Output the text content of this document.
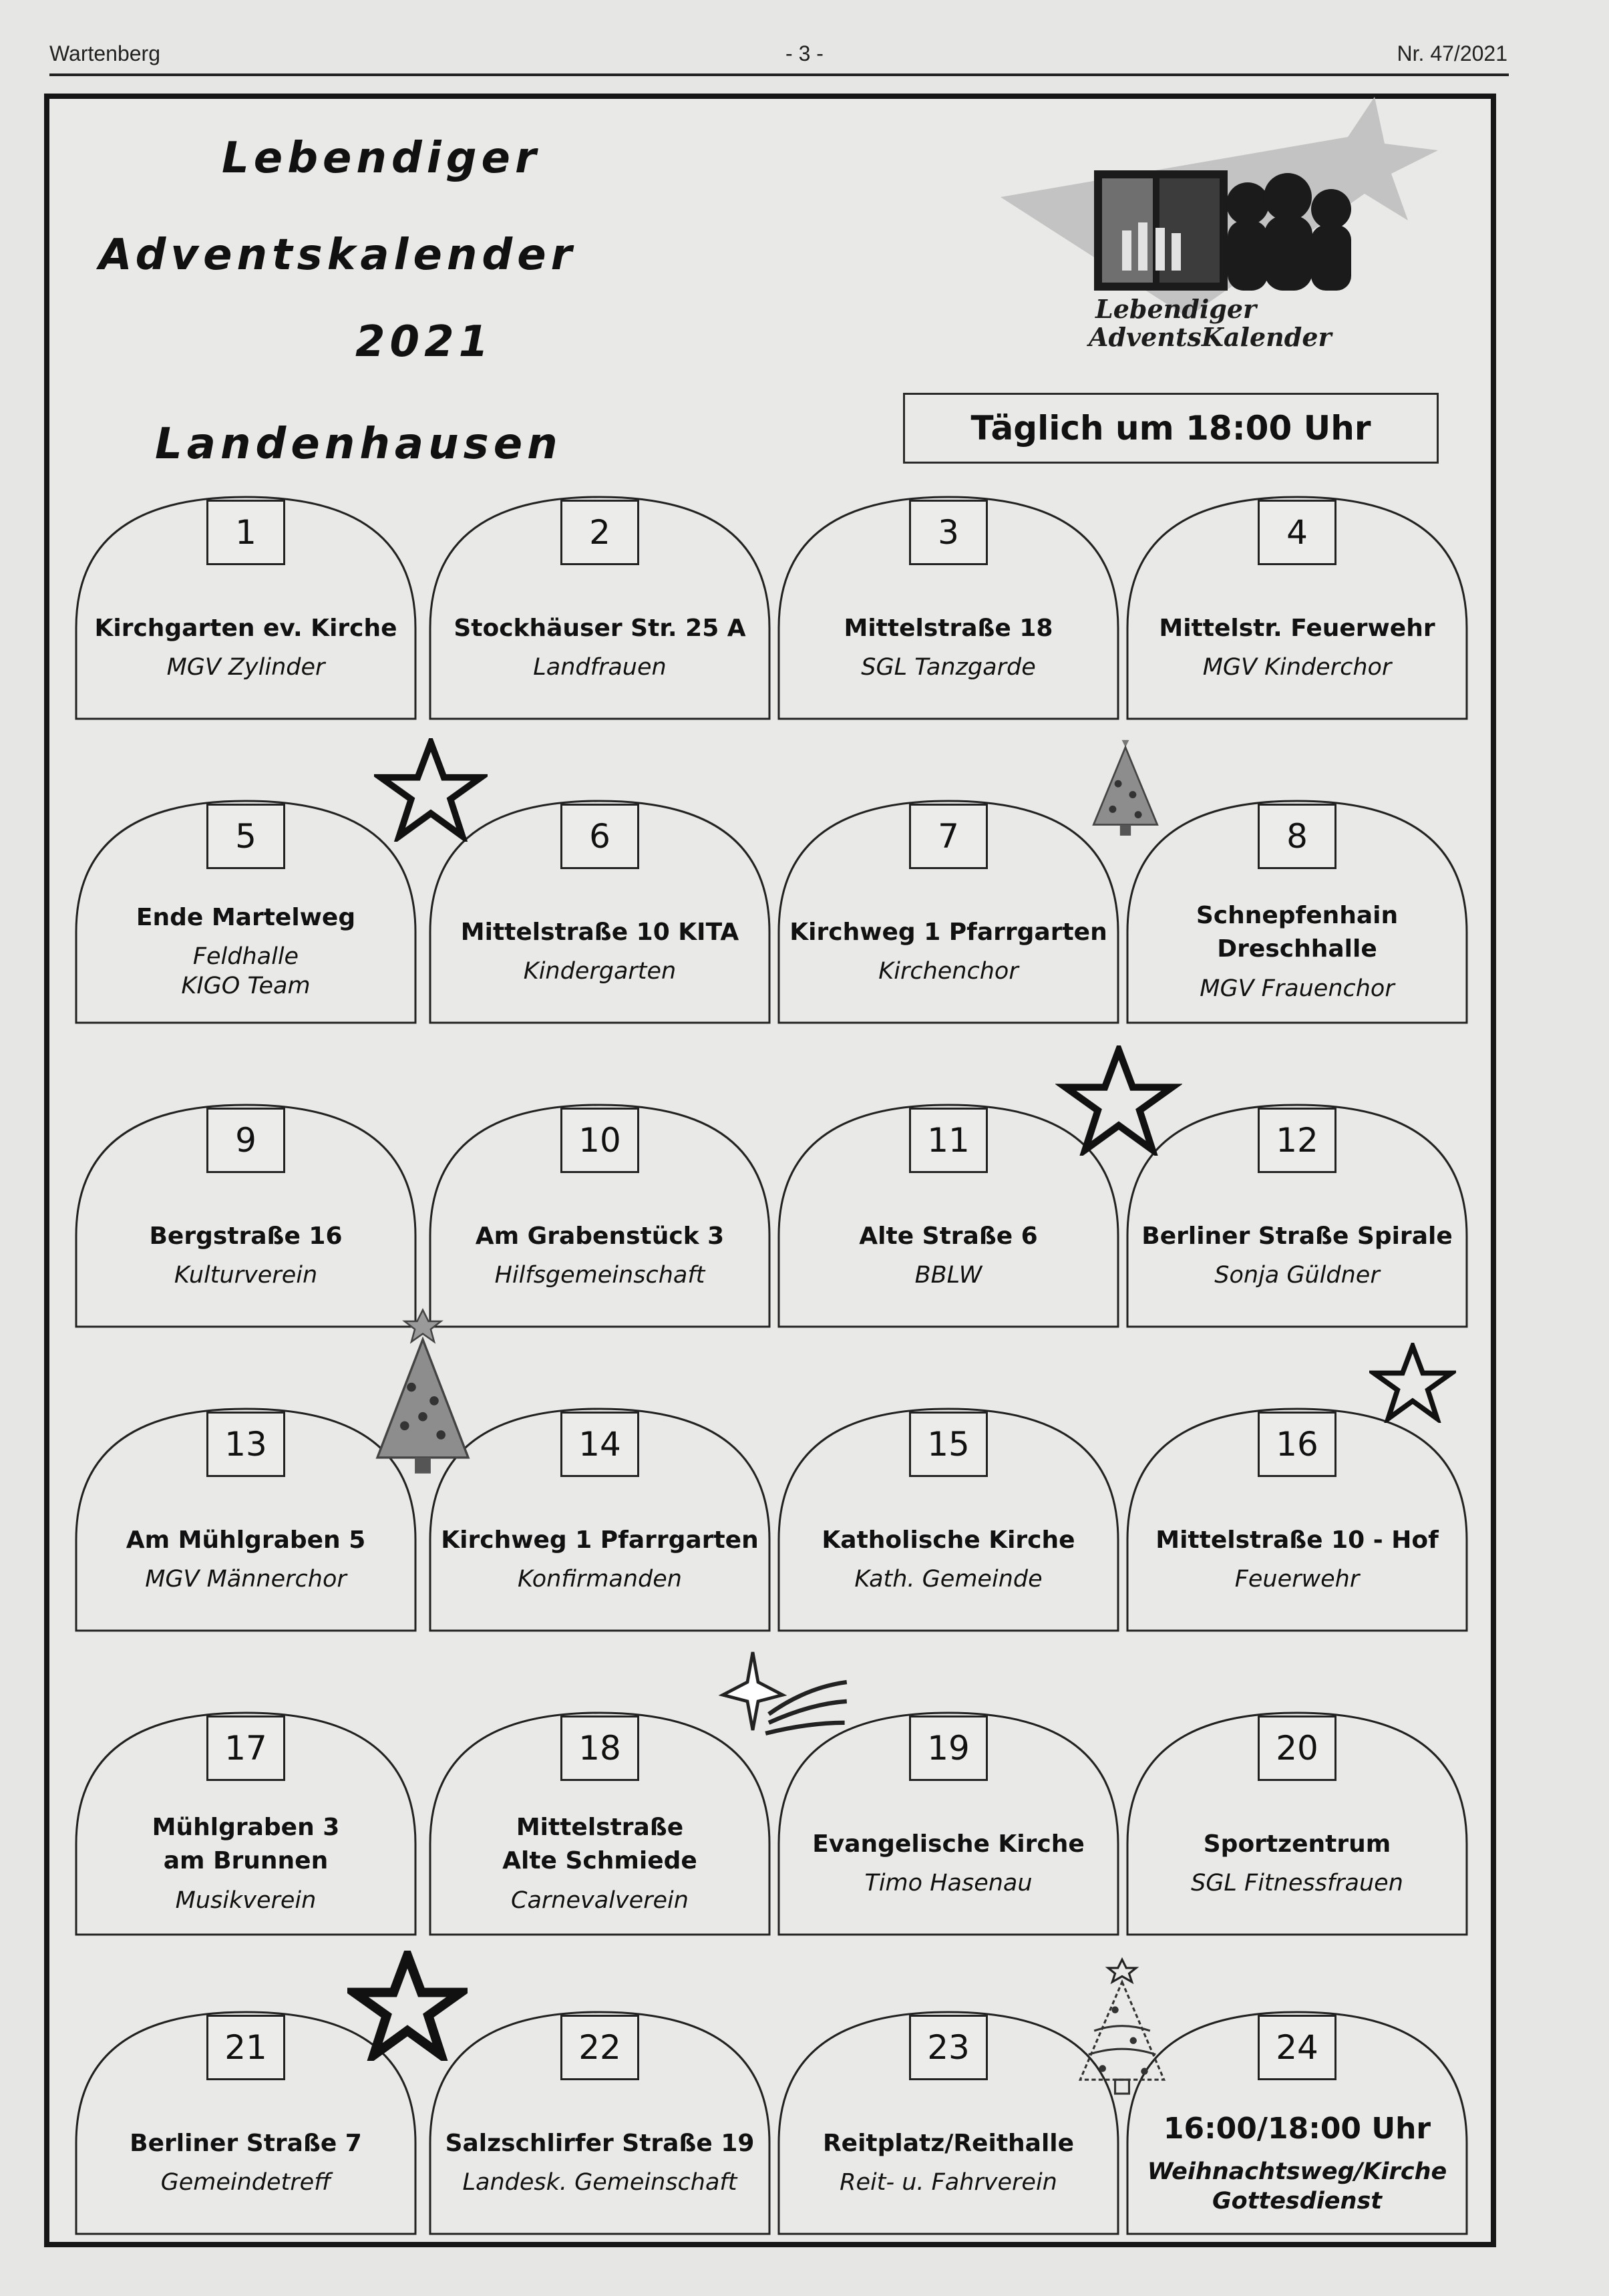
Wartenberg	- 3 -	Nr. 47/2021
Lebendiger
Adventskalender
2021
Landenhausen
Lebendiger
AdventsKalender
Täglich um 18:00 Uhr
1
Kirchgarten ev. Kirche
MGV Zylinder
2
Stockhäuser Str. 25 A
Landfrauen
3
Mittelstraße 18
SGL Tanzgarde
4
Mittelstr. Feuerwehr
MGV Kinderchor
5
Ende Martelweg
Feldhalle
KIGO Team
6
Mittelstraße 10 KITA
Kindergarten
7
Kirchweg 1 Pfarrgarten
Kirchenchor
8
Schnepfenhain
Dreschhalle
MGV Frauenchor
9
Bergstraße 16
Kulturverein
10
Am Grabenstück 3
Hilfsgemeinschaft
11
Alte Straße 6
BBLW
12
Berliner Straße Spirale
Sonja Güldner
13
Am Mühlgraben 5
MGV Männerchor
14
Kirchweg 1 Pfarrgarten
Konfirmanden
15
Katholische Kirche
Kath. Gemeinde
16
Mittelstraße 10 - Hof
Feuerwehr
17
Mühlgraben 3
am Brunnen
Musikverein
18
Mittelstraße
Alte Schmiede
Carnevalverein
19
Evangelische Kirche
Timo Hasenau
20
Sportzentrum
SGL Fitnessfrauen
21
Berliner Straße 7
Gemeindetreff
22
Salzschlirfer Straße 19
Landesk. Gemeinschaft
23
Reitplatz/Reithalle
Reit- u. Fahrverein
24
16:00/18:00 Uhr
Weihnachtsweg/Kirche
Gottesdienst
